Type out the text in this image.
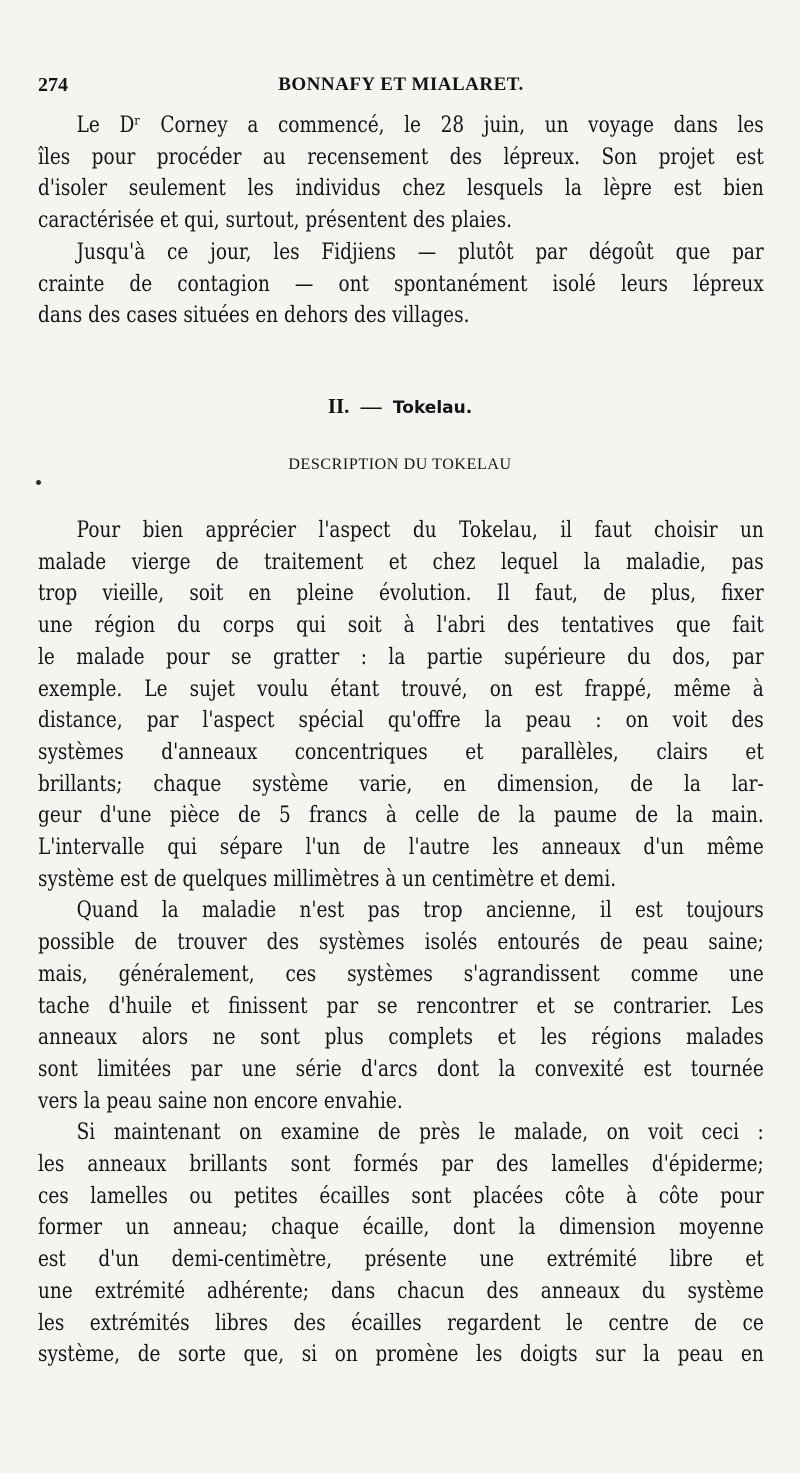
274	BONNAFY ET MIALARET.
Le Dʳ Corney a commencé, le 28 juin, un voyage dans les
îles pour procéder au recensement des lépreux. Son projet est
d'isoler seulement les individus chez lesquels la lèpre est bien
caractérisée et qui, surtout, présentent des plaies.
Jusqu'à ce jour, les Fidjiens — plutôt par dégoût que par
crainte de contagion — ont spontanément isolé leurs lépreux
dans des cases situées en dehors des villages.
II. — Tokelau.
DESCRIPTION DU TOKELAU
Pour bien apprécier l'aspect du Tokelau, il faut choisir un
malade vierge de traitement et chez lequel la maladie, pas
trop vieille, soit en pleine évolution. Il faut, de plus, fixer
une région du corps qui soit à l'abri des tentatives que fait
le malade pour se gratter : la partie supérieure du dos, par
exemple. Le sujet voulu étant trouvé, on est frappé, même à
distance, par l'aspect spécial qu'offre la peau : on voit des
systèmes d'anneaux concentriques et parallèles, clairs et
brillants; chaque système varie, en dimension, de la lar-
geur d'une pièce de 5 francs à celle de la paume de la main.
L'intervalle qui sépare l'un de l'autre les anneaux d'un même
système est de quelques millimètres à un centimètre et demi.
Quand la maladie n'est pas trop ancienne, il est toujours
possible de trouver des systèmes isolés entourés de peau saine;
mais, généralement, ces systèmes s'agrandissent comme une
tache d'huile et finissent par se rencontrer et se contrarier. Les
anneaux alors ne sont plus complets et les régions malades
sont limitées par une série d'arcs dont la convexité est tournée
vers la peau saine non encore envahie.
Si maintenant on examine de près le malade, on voit ceci :
les anneaux brillants sont formés par des lamelles d'épiderme;
ces lamelles ou petites écailles sont placées côte à côte pour
former un anneau; chaque écaille, dont la dimension moyenne
est d'un demi-centimètre, présente une extrémité libre et
une extrémité adhérente; dans chacun des anneaux du système
les extrémités libres des écailles regardent le centre de ce
système, de sorte que, si on promène les doigts sur la peau en
